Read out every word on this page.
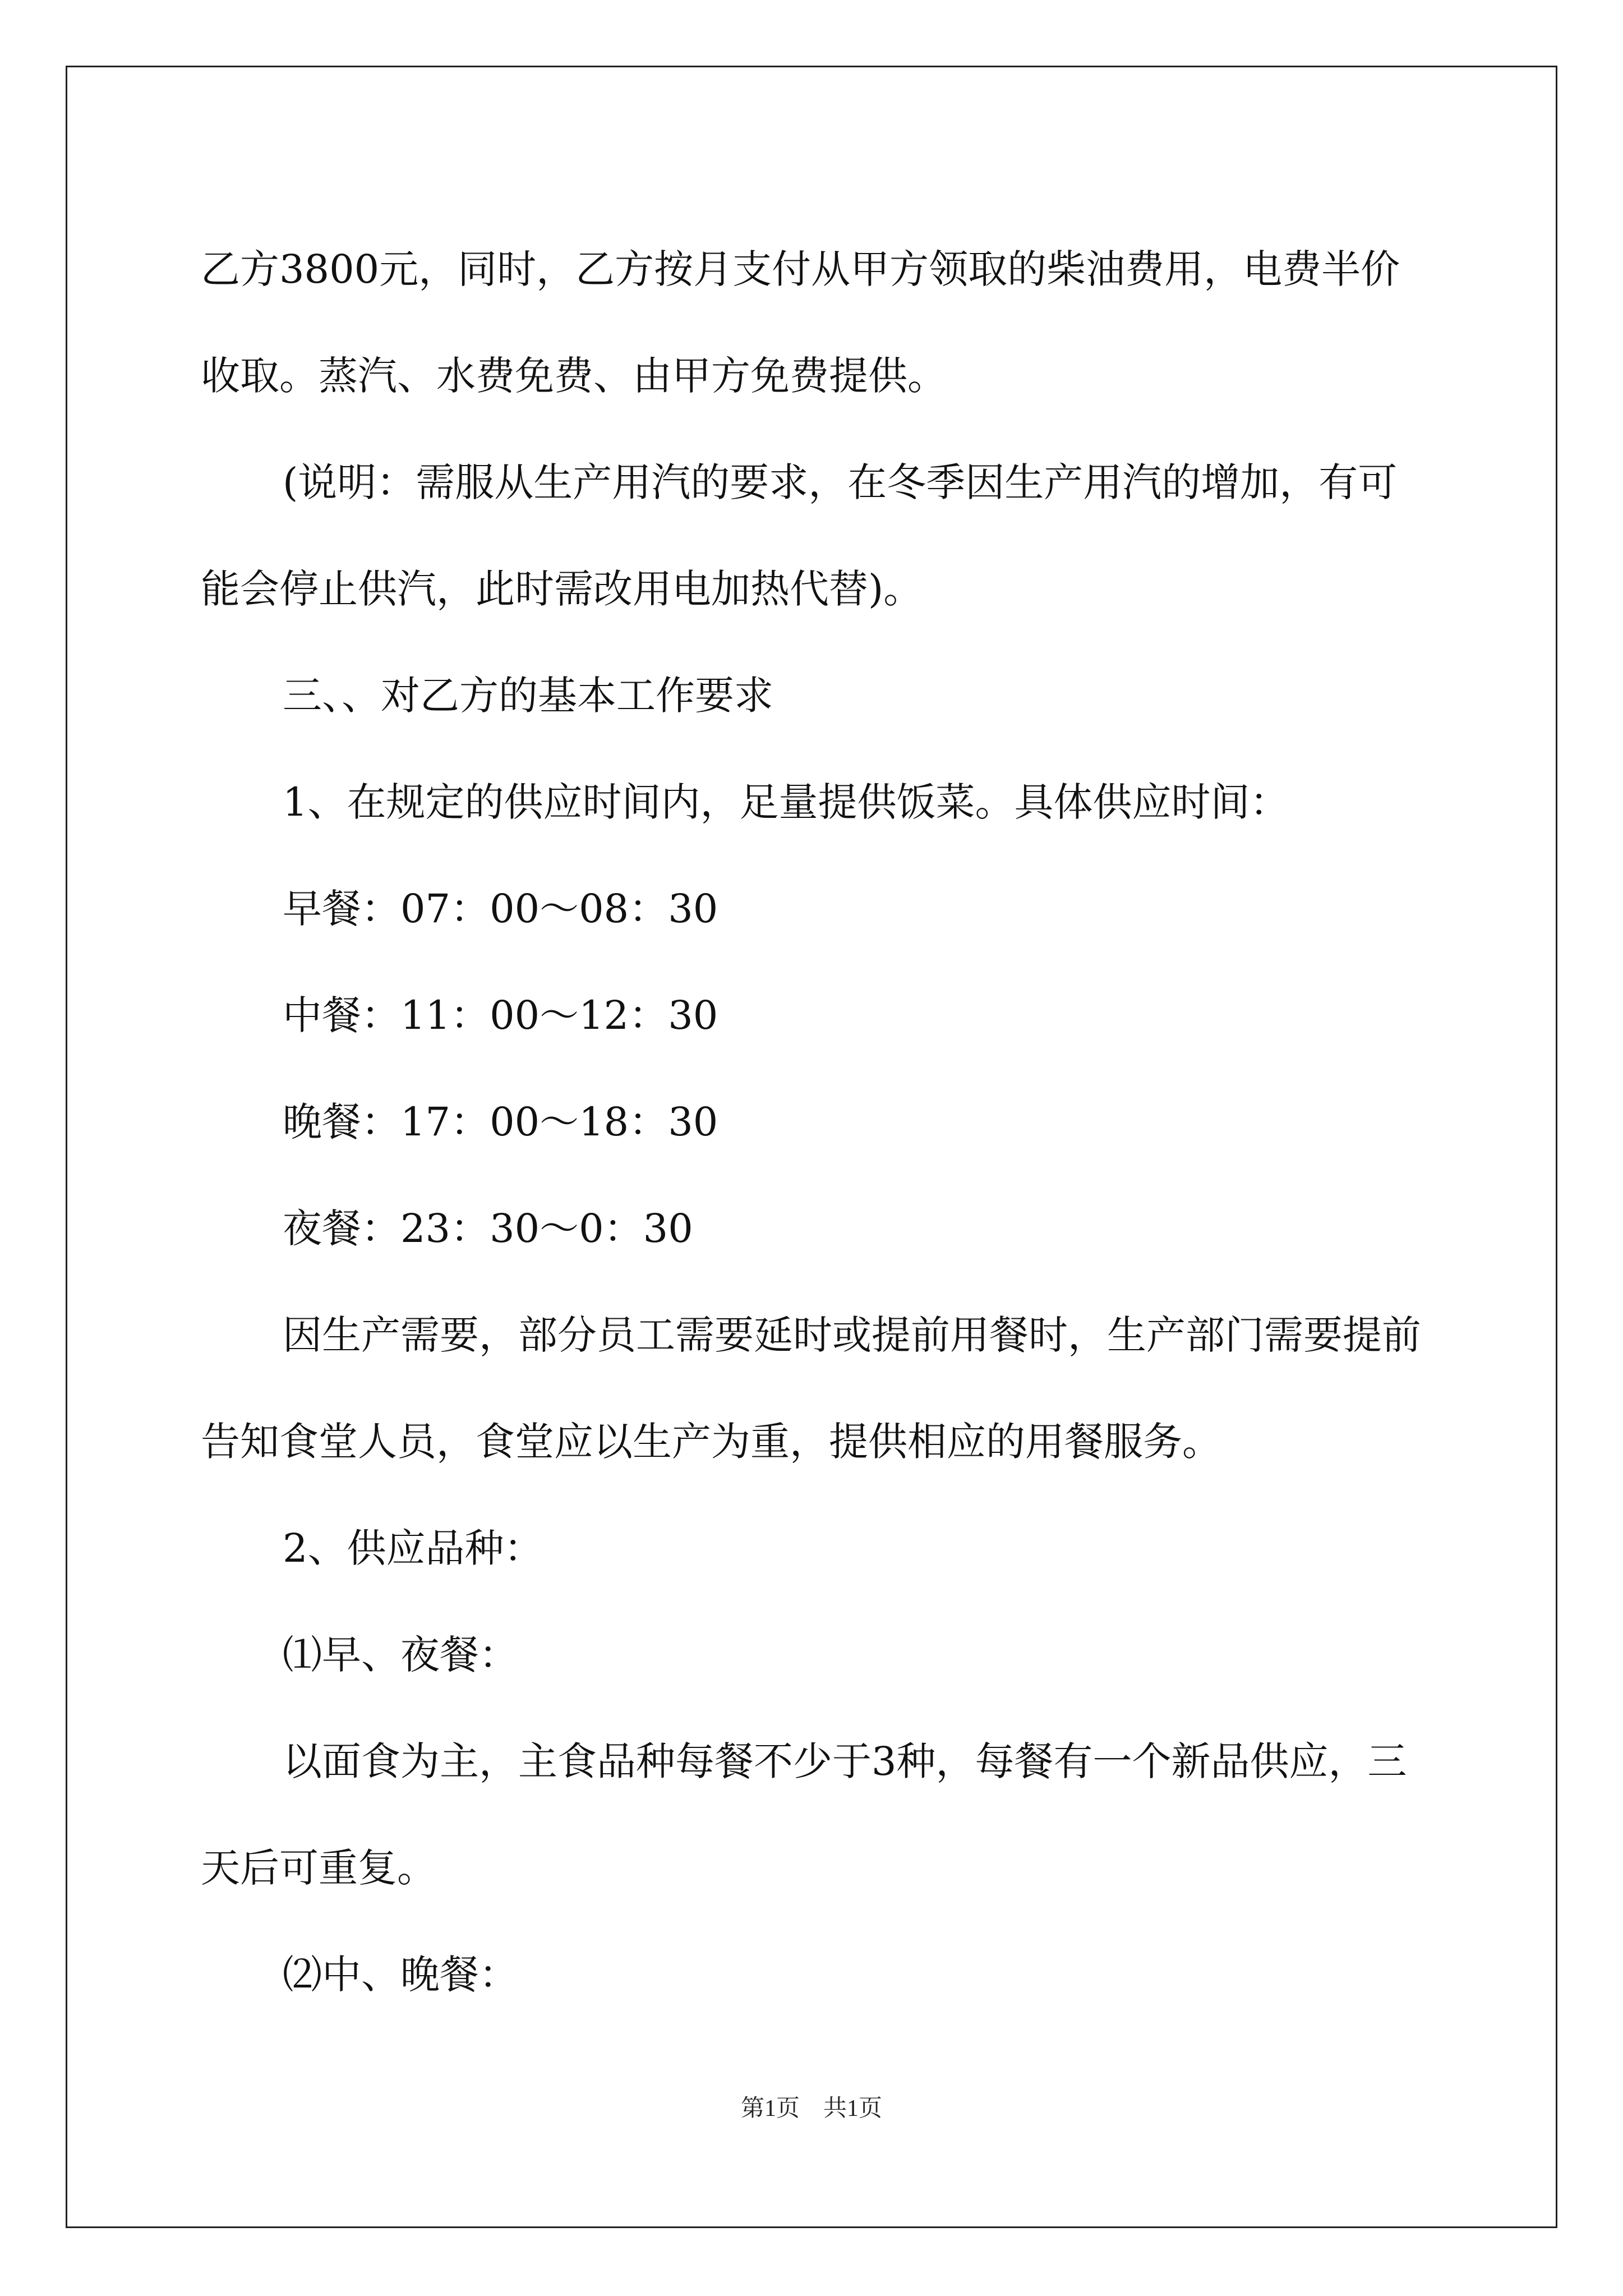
乙方3800元，同时，乙方按月支付从甲方领取的柴油费用，电费半价收取。蒸汽、水费免费、由甲方免费提供。

(说明：需服从生产用汽的要求，在冬季因生产用汽的增加，有可能会停止供汽，此时需改用电加热代替)。

三、、对乙方的基本工作要求

1、在规定的供应时间内，足量提供饭菜。具体供应时间：

早餐：07：00～08：30

中餐：11：00～12：30

晚餐：17：00～18：30

夜餐：23：30～0：30

因生产需要，部分员工需要延时或提前用餐时，生产部门需要提前告知食堂人员，食堂应以生产为重，提供相应的用餐服务。

2、供应品种：

⑴早、夜餐：

以面食为主，主食品种每餐不少于3种，每餐有一个新品供应，三天后可重复。

⑵中、晚餐：

第1页 共1页
